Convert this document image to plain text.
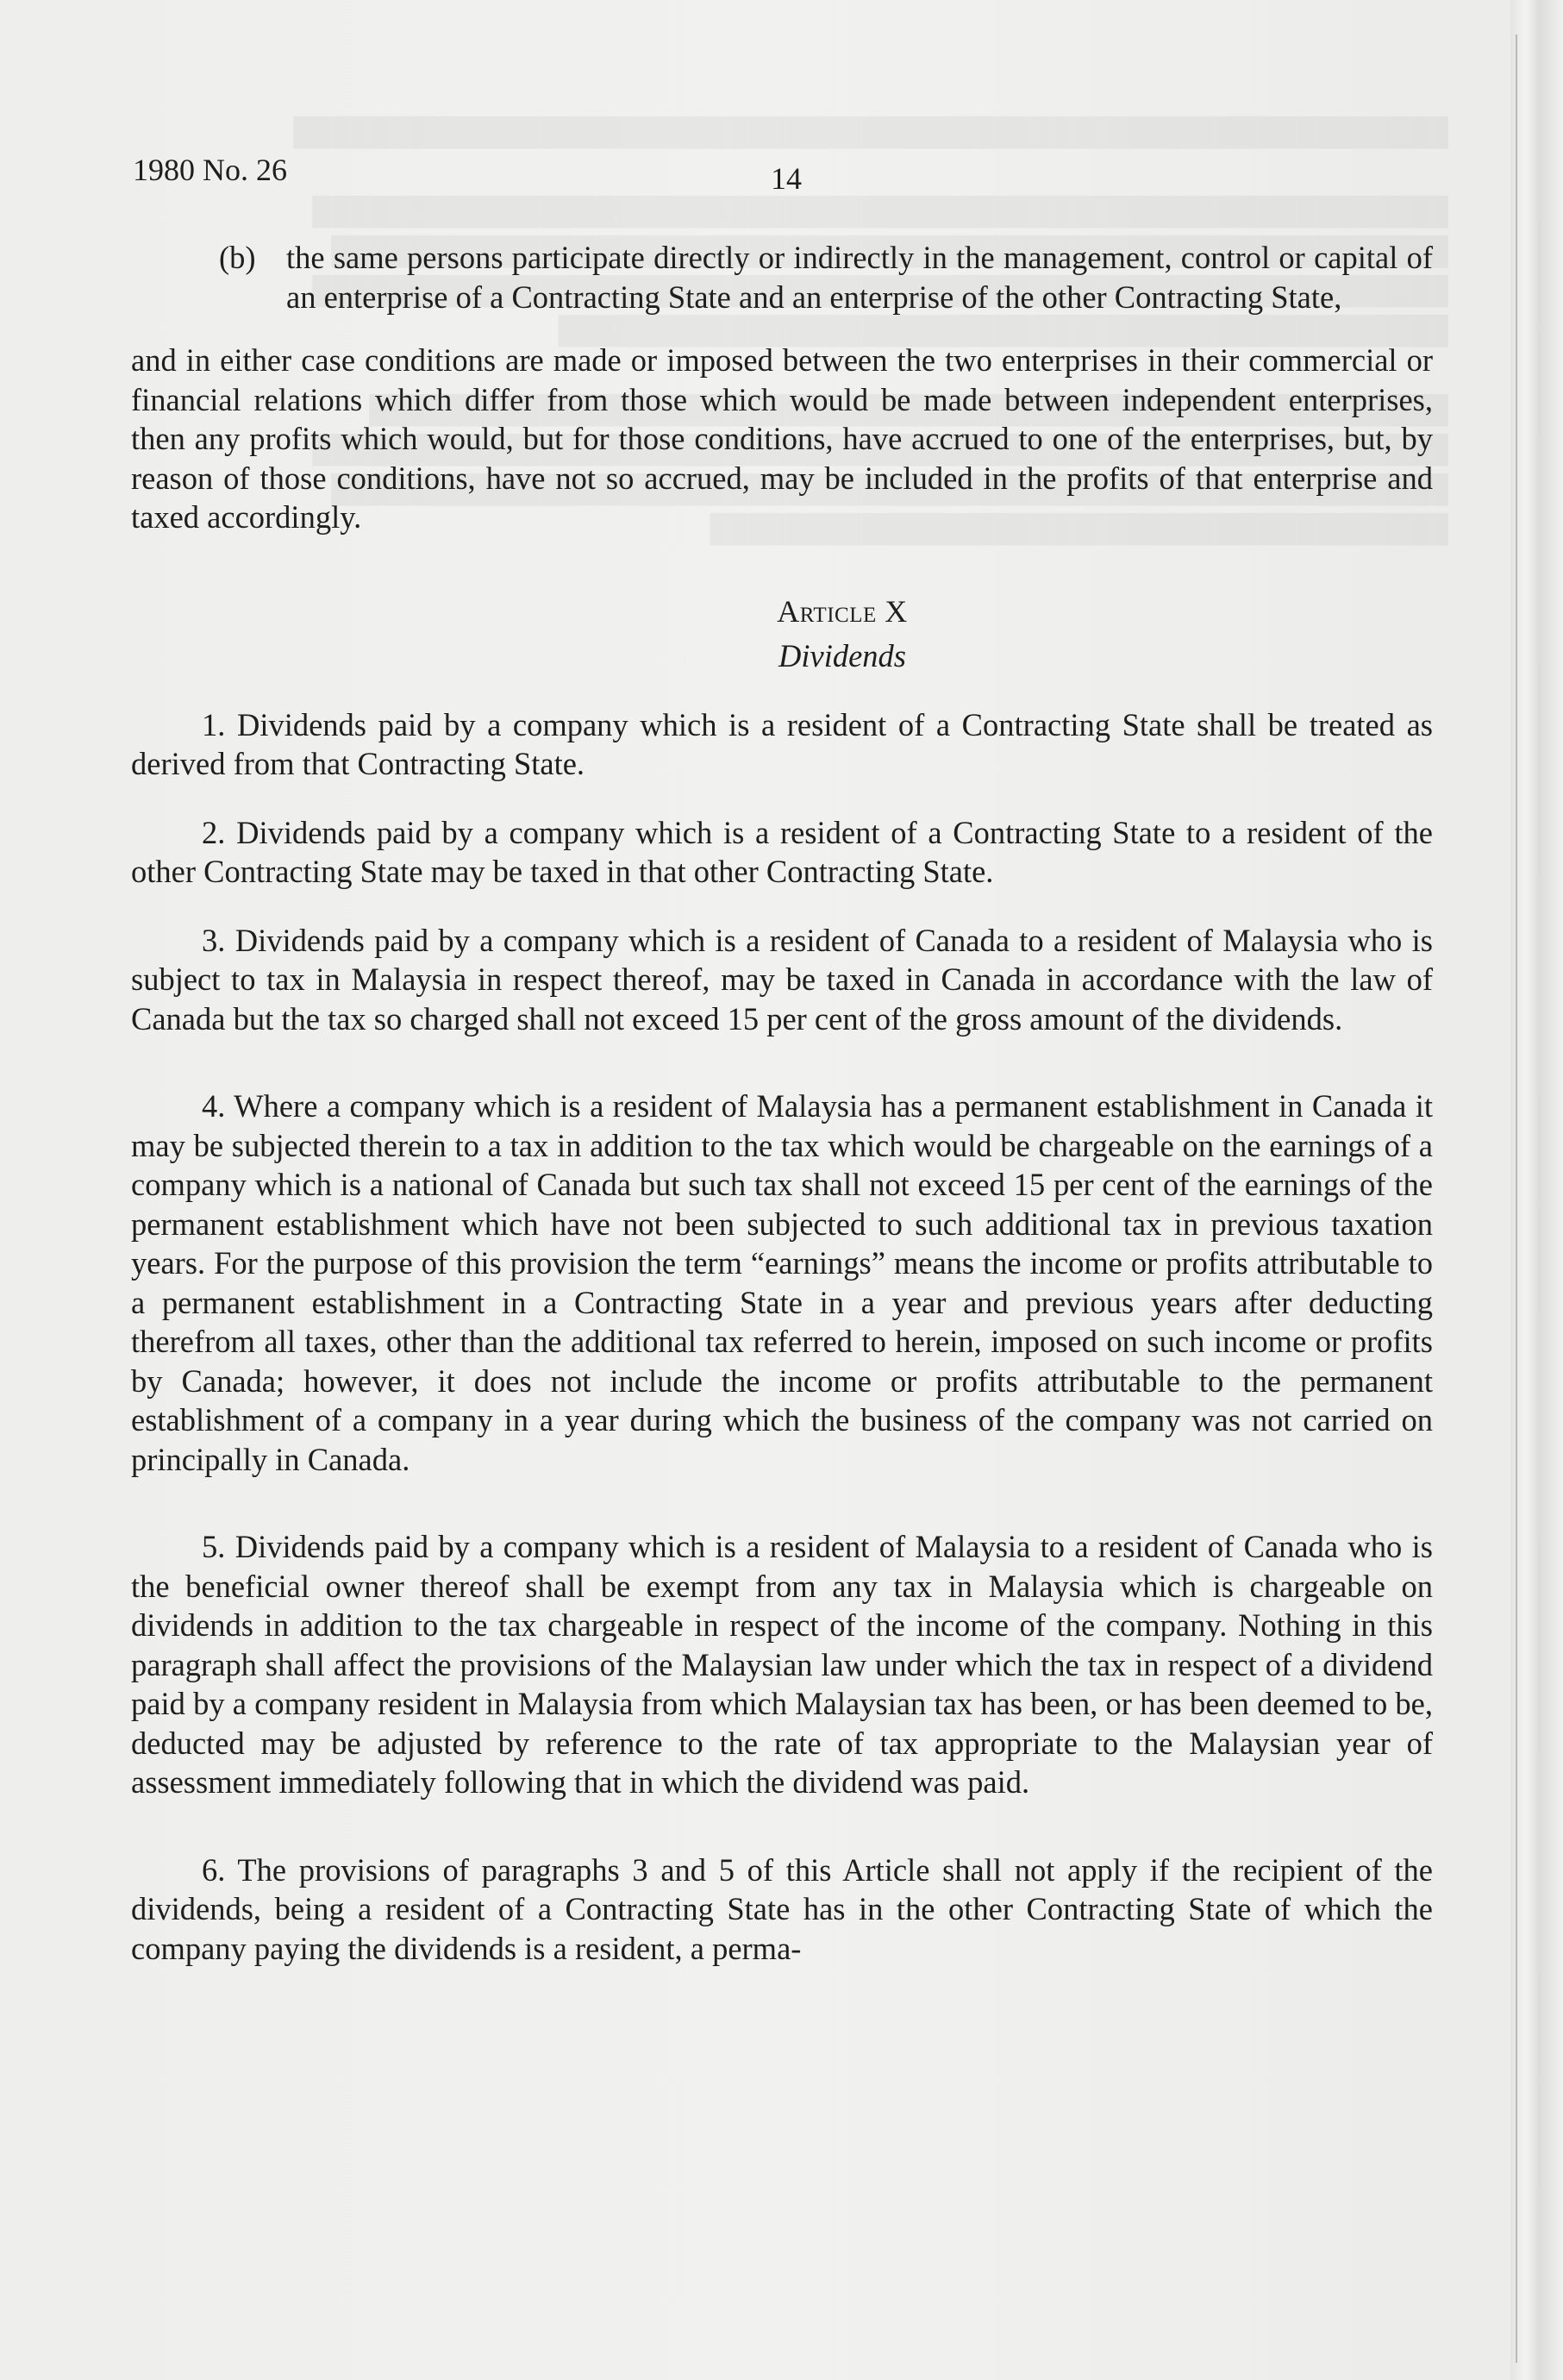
1980 No. 26	14
(b) the same persons participate directly or indirectly in the management, control or capital of an enterprise of a Contracting State and an enterprise of the other Contracting State,

and in either case conditions are made or imposed between the two enterprises in their commercial or financial relations which differ from those which would be made between independent enterprises, then any profits which would, but for those conditions, have accrued to one of the enterprises, but, by reason of those conditions, have not so accrued, may be included in the profits of that enterprise and taxed accordingly.

Article X

Dividends

1. Dividends paid by a company which is a resident of a Contracting State shall be treated as derived from that Contracting State.

2. Dividends paid by a company which is a resident of a Contracting State to a resident of the other Contracting State may be taxed in that other Contracting State.

3. Dividends paid by a company which is a resident of Canada to a resident of Malaysia who is subject to tax in Malaysia in respect thereof, may be taxed in Canada in accordance with the law of Canada but the tax so charged shall not exceed 15 per cent of the gross amount of the dividends.

4. Where a company which is a resident of Malaysia has a permanent establishment in Canada it may be subjected therein to a tax in addition to the tax which would be chargeable on the earnings of a company which is a national of Canada but such tax shall not exceed 15 per cent of the earnings of the permanent establishment which have not been subjected to such additional tax in previous taxation years. For the purpose of this provision the term “earnings” means the income or profits attributable to a permanent establishment in a Contracting State in a year and previous years after deducting therefrom all taxes, other than the additional tax referred to herein, imposed on such income or profits by Canada; however, it does not include the income or profits attributable to the permanent establishment of a company in a year during which the business of the company was not carried on principally in Canada.

5. Dividends paid by a company which is a resident of Malaysia to a resident of Canada who is the beneficial owner thereof shall be exempt from any tax in Malaysia which is chargeable on dividends in addition to the tax chargeable in respect of the income of the company. Nothing in this paragraph shall affect the provisions of the Malaysian law under which the tax in respect of a dividend paid by a company resident in Malaysia from which Malaysian tax has been, or has been deemed to be, deducted may be adjusted by reference to the rate of tax appropriate to the Malaysian year of assessment immediately following that in which the dividend was paid.

6. The provisions of paragraphs 3 and 5 of this Article shall not apply if the recipient of the dividends, being a resident of a Contracting State has in the other Contracting State of which the company paying the dividends is a resident, a perma-
